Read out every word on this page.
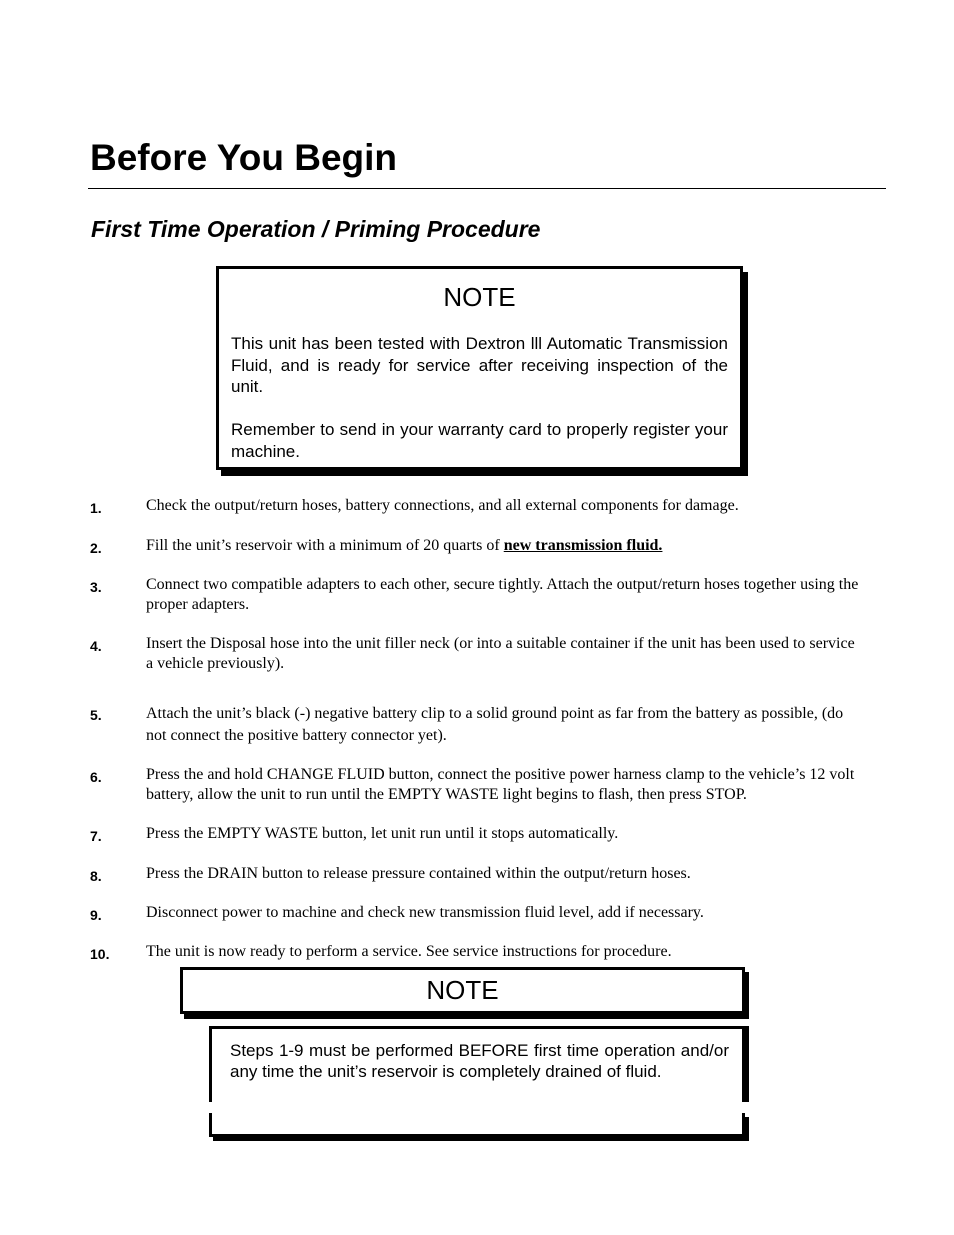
Before You Begin
First Time Operation / Priming Procedure
NOTE

This unit has been tested with Dextron lll Automatic Transmission Fluid, and is ready for service after receiving inspection of the unit.

Remember to send in your warranty card to properly register your machine.

1.	Check the output/return hoses, battery connections, and all external components for damage.
2.	Fill the unit’s reservoir with a minimum of 20 quarts of new transmission fluid.
3.	Connect two compatible adapters to each other, secure tightly. Attach the output/return hoses together using the proper adapters.
4.	Insert the Disposal hose into the unit filler neck (or into a suitable container if the unit has been used to service a vehicle previously).
5.	Attach the unit’s black (-) negative battery clip to a solid ground point as far from the battery as possible, (do not connect the positive battery connector yet).
6.	Press the and hold CHANGE FLUID button, connect the positive power harness clamp to the vehicle’s 12 volt battery, allow the unit to run until the EMPTY WASTE light begins to flash, then press STOP.
7.	Press the EMPTY WASTE button, let unit run until it stops automatically.
8.	Press the DRAIN button to release pressure contained within the output/return hoses.
9.	Disconnect power to machine and check new transmission fluid level, add if necessary.
10. The unit is now ready to perform a service. See service instructions for procedure.
NOTE

Steps 1-9 must be performed BEFORE first time operation and/or any time the unit’s reservoir is completely drained of fluid.
